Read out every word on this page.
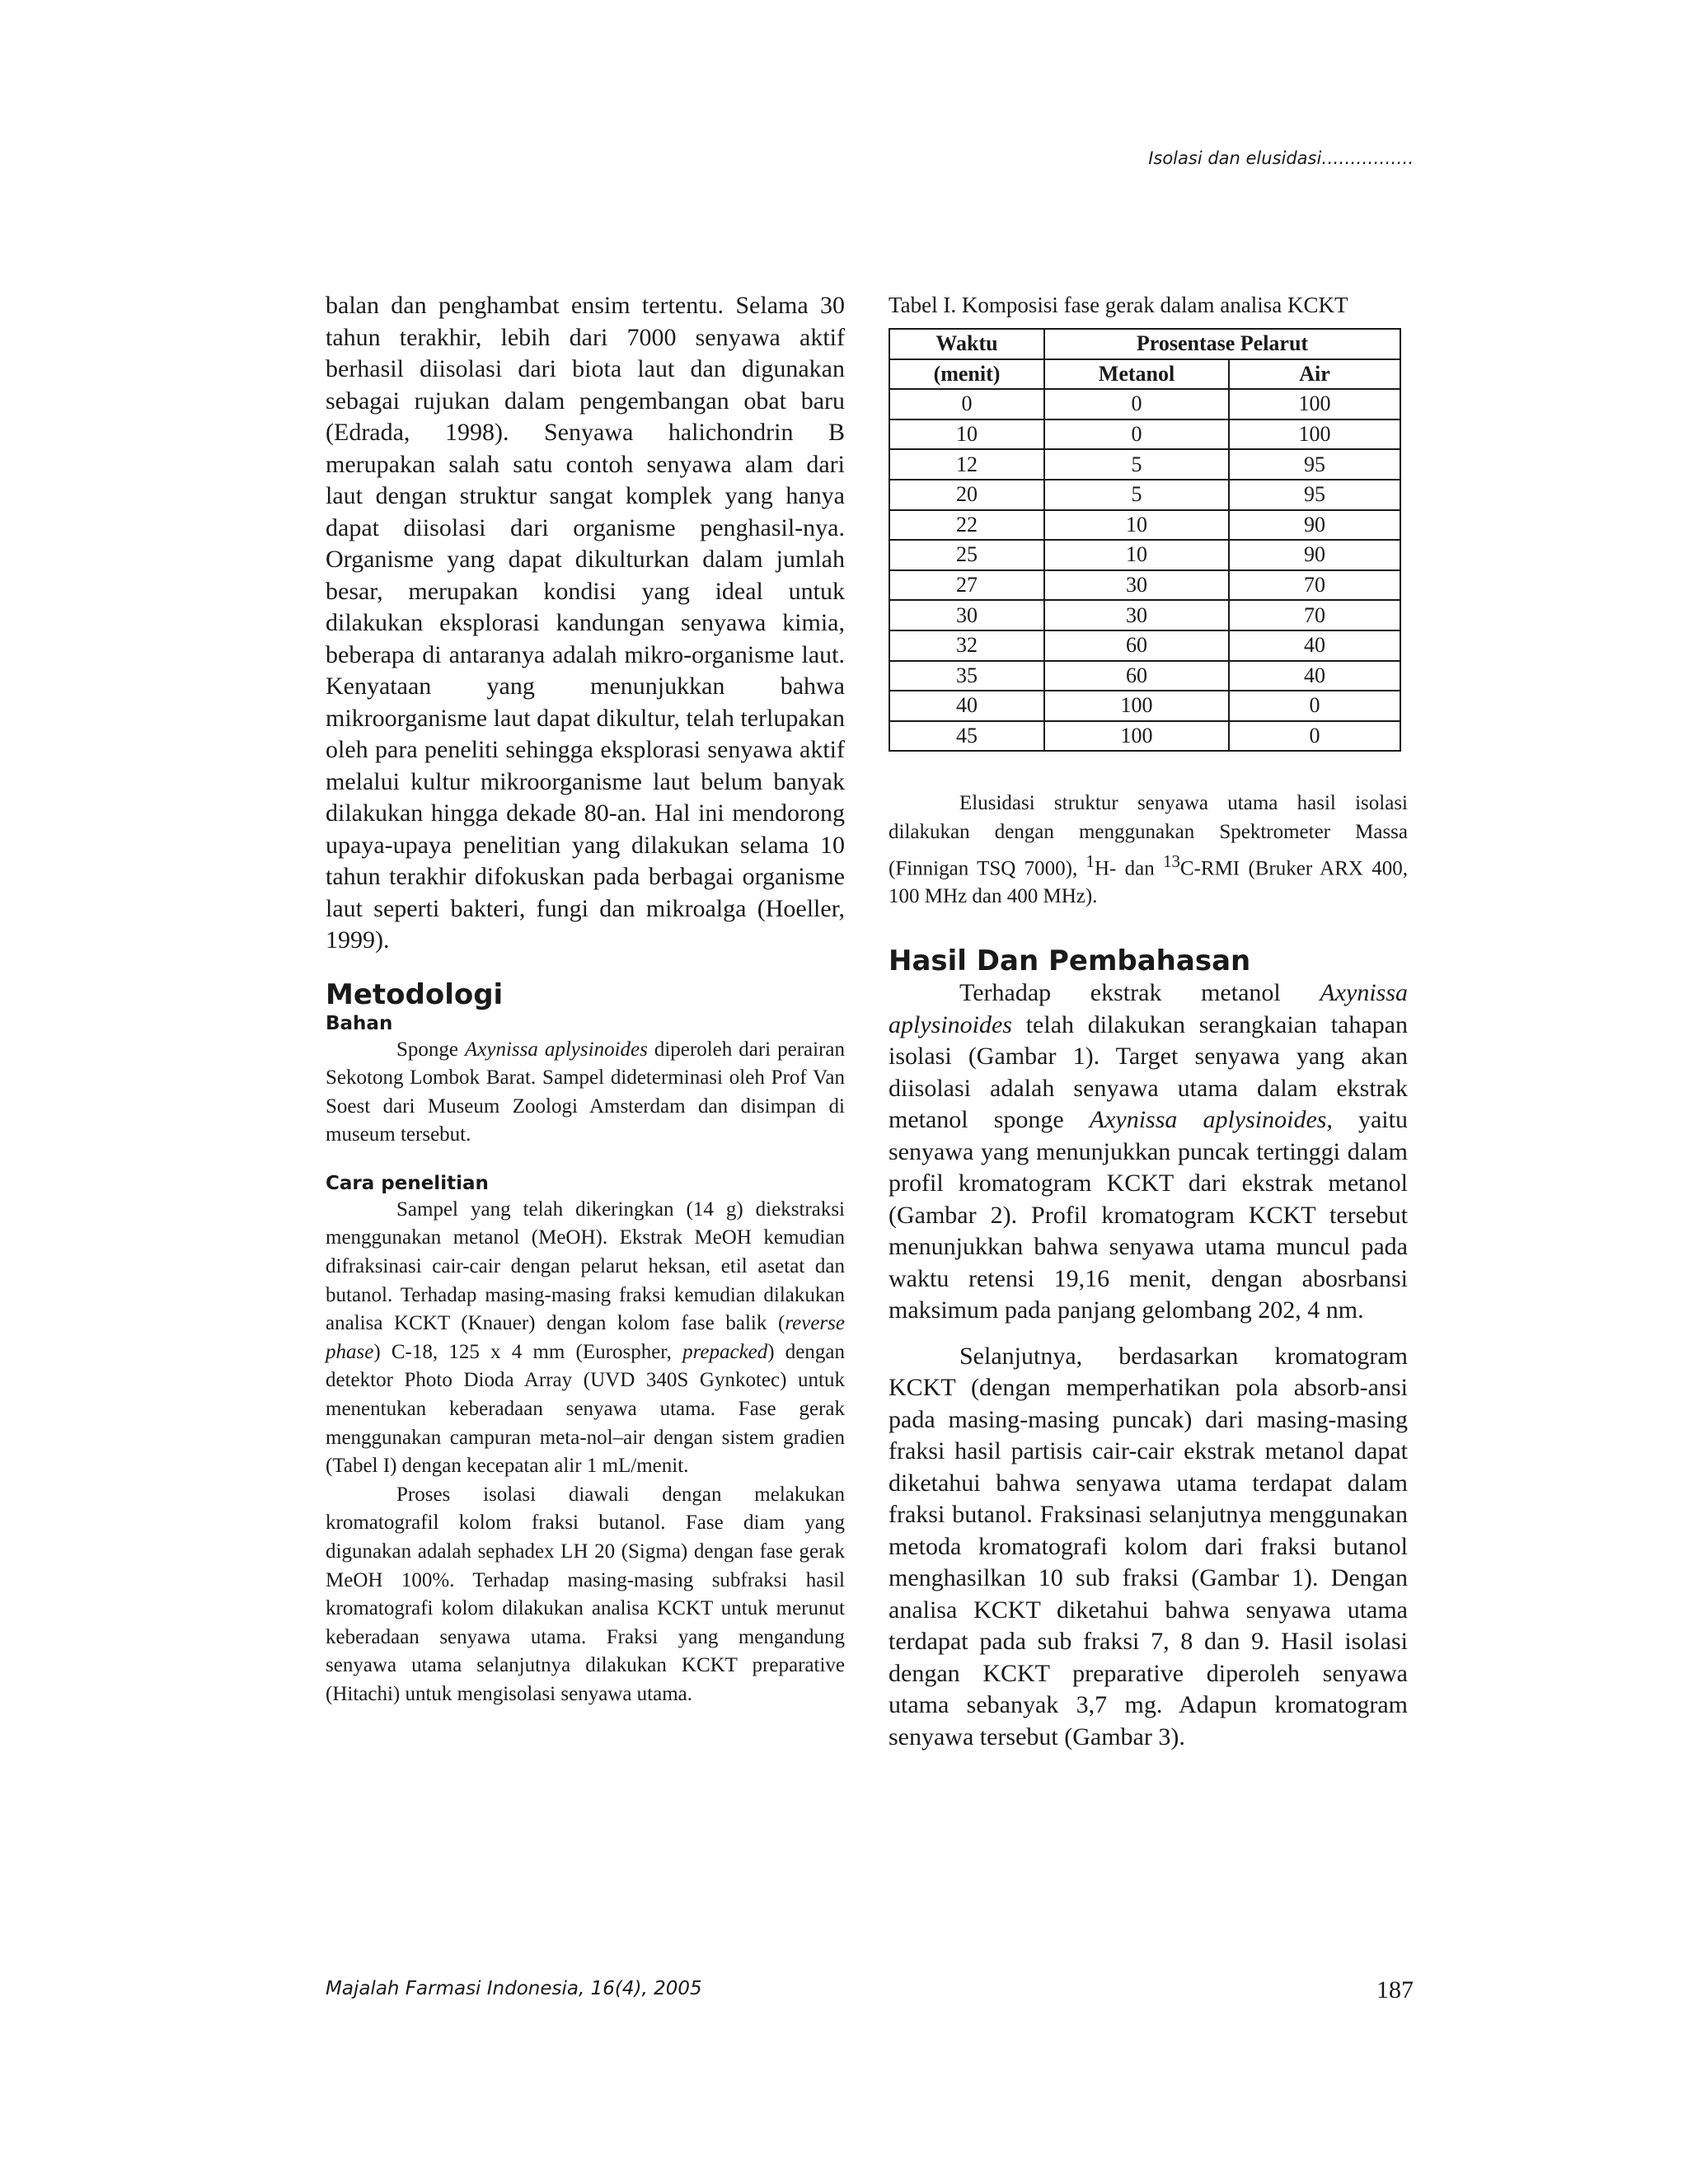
Isolasi dan elusidasi…………….

balan dan penghambat ensim tertentu. Selama 30 tahun terakhir, lebih dari 7000 senyawa aktif berhasil diisolasi dari biota laut dan digunakan sebagai rujukan dalam pengembangan obat baru (Edrada, 1998). Senyawa halichondrin B merupakan salah satu contoh senyawa alam dari laut dengan struktur sangat komplek yang hanya dapat diisolasi dari organisme penghasil-nya. Organisme yang dapat dikulturkan dalam jumlah besar, merupakan kondisi yang ideal untuk dilakukan eksplorasi kandungan senyawa kimia, beberapa di antaranya adalah mikro-organisme laut. Kenyataan yang menunjukkan bahwa mikroorganisme laut dapat dikultur, telah terlupakan oleh para peneliti sehingga eksplorasi senyawa aktif melalui kultur mikroorganisme laut belum banyak dilakukan hingga dekade 80-an. Hal ini mendorong upaya-upaya penelitian yang dilakukan selama 10 tahun terakhir difokuskan pada berbagai organisme laut seperti bakteri, fungi dan mikroalga (Hoeller, 1999).

Metodologi
Bahan

Sponge Axynissa aplysinoides diperoleh dari perairan Sekotong Lombok Barat. Sampel dideterminasi oleh Prof Van Soest dari Museum Zoologi Amsterdam dan disimpan di museum tersebut.

Cara penelitian

Sampel yang telah dikeringkan (14 g) diekstraksi menggunakan metanol (MeOH). Ekstrak MeOH kemudian difraksinasi cair-cair dengan pelarut heksan, etil asetat dan butanol. Terhadap masing-masing fraksi kemudian dilakukan analisa KCKT (Knauer) dengan kolom fase balik (reverse phase) C-18, 125 x 4 mm (Eurospher, prepacked) dengan detektor Photo Dioda Array (UVD 340S Gynkotec) untuk menentukan keberadaan senyawa utama. Fase gerak menggunakan campuran meta-nol–air dengan sistem gradien (Tabel I) dengan kecepatan alir 1 mL/menit.

Proses isolasi diawali dengan melakukan kromatografil kolom fraksi butanol. Fase diam yang digunakan adalah sephadex LH 20 (Sigma) dengan fase gerak MeOH 100%. Terhadap masing-masing subfraksi hasil kromatografi kolom dilakukan analisa KCKT untuk merunut keberadaan senyawa utama. Fraksi yang mengandung senyawa utama selanjutnya dilakukan KCKT preparative (Hitachi) untuk mengisolasi senyawa utama.

Tabel I. Komposisi fase gerak dalam analisa KCKT

Waktu	Prosentase Pelarut	
(menit)	Metanol	Air
0	0	100
10	0	100
12	5	95
20	5	95
22	10	90
25	10	90
27	30	70
30	30	70
32	60	40
35	60	40
40	100	0
45	100	0

Elusidasi struktur senyawa utama hasil isolasi dilakukan dengan menggunakan Spektrometer Massa (Finnigan TSQ 7000), $^1$H- dan $^{13}$C-RMI (Bruker ARX 400, 100 MHz dan 400 MHz).

Hasil Dan Pembahasan

Terhadap ekstrak metanol Axynissa aplysinoides telah dilakukan serangkaian tahapan isolasi (Gambar 1). Target senyawa yang akan diisolasi adalah senyawa utama dalam ekstrak metanol sponge Axynissa aplysinoides, yaitu senyawa yang menunjukkan puncak tertinggi dalam profil kromatogram KCKT dari ekstrak metanol (Gambar 2). Profil kromatogram KCKT tersebut menunjukkan bahwa senyawa utama muncul pada waktu retensi 19,16 menit, dengan abosrbansi maksimum pada panjang gelombang 202, 4 nm.

Selanjutnya, berdasarkan kromatogram KCKT (dengan memperhatikan pola absorb-ansi pada masing-masing puncak) dari masing-masing fraksi hasil partisis cair-cair ekstrak metanol dapat diketahui bahwa senyawa utama terdapat dalam fraksi butanol. Fraksinasi selanjutnya menggunakan metoda kromatografi kolom dari fraksi butanol menghasilkan 10 sub fraksi (Gambar 1). Dengan analisa KCKT diketahui bahwa senyawa utama terdapat pada sub fraksi 7, 8 dan 9. Hasil isolasi dengan KCKT preparative diperoleh senyawa utama sebanyak 3,7 mg. Adapun kromatogram senyawa tersebut (Gambar 3).

Majalah Farmasi Indonesia, 16(4), 2005	187
